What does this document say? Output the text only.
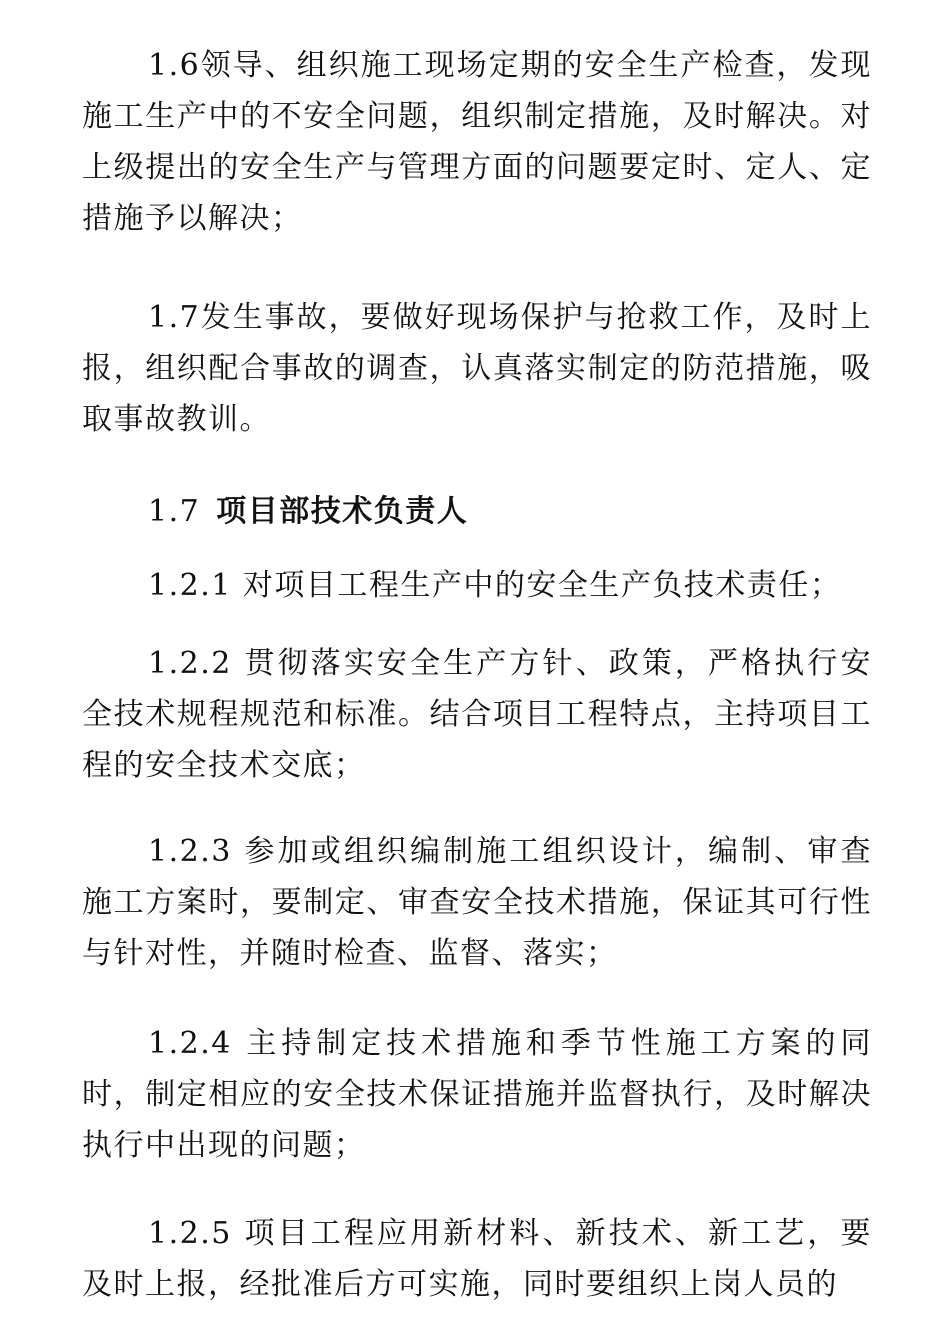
1.6领导、组织施工现场定期的安全生产检查，发现施工生产中的不安全问题，组织制定措施，及时解决。对上级提出的安全生产与管理方面的问题要定时、定人、定措施予以解决；

1.7发生事故，要做好现场保护与抢救工作，及时上报，组织配合事故的调查，认真落实制定的防范措施，吸取事故教训。

1.7 项目部技术负责人

1.2.1 对项目工程生产中的安全生产负技术责任；

1.2.2 贯彻落实安全生产方针、政策，严格执行安全技术规程规范和标准。结合项目工程特点，主持项目工程的安全技术交底；

1.2.3 参加或组织编制施工组织设计，编制、审查施工方案时，要制定、审查安全技术措施，保证其可行性与针对性，并随时检查、监督、落实；

1.2.4 主持制定技术措施和季节性施工方案的同时，制定相应的安全技术保证措施并监督执行，及时解决执行中出现的问题；

1.2.5 项目工程应用新材料、新技术、新工艺，要及时上报，经批准后方可实施，同时要组织上岗人员的
